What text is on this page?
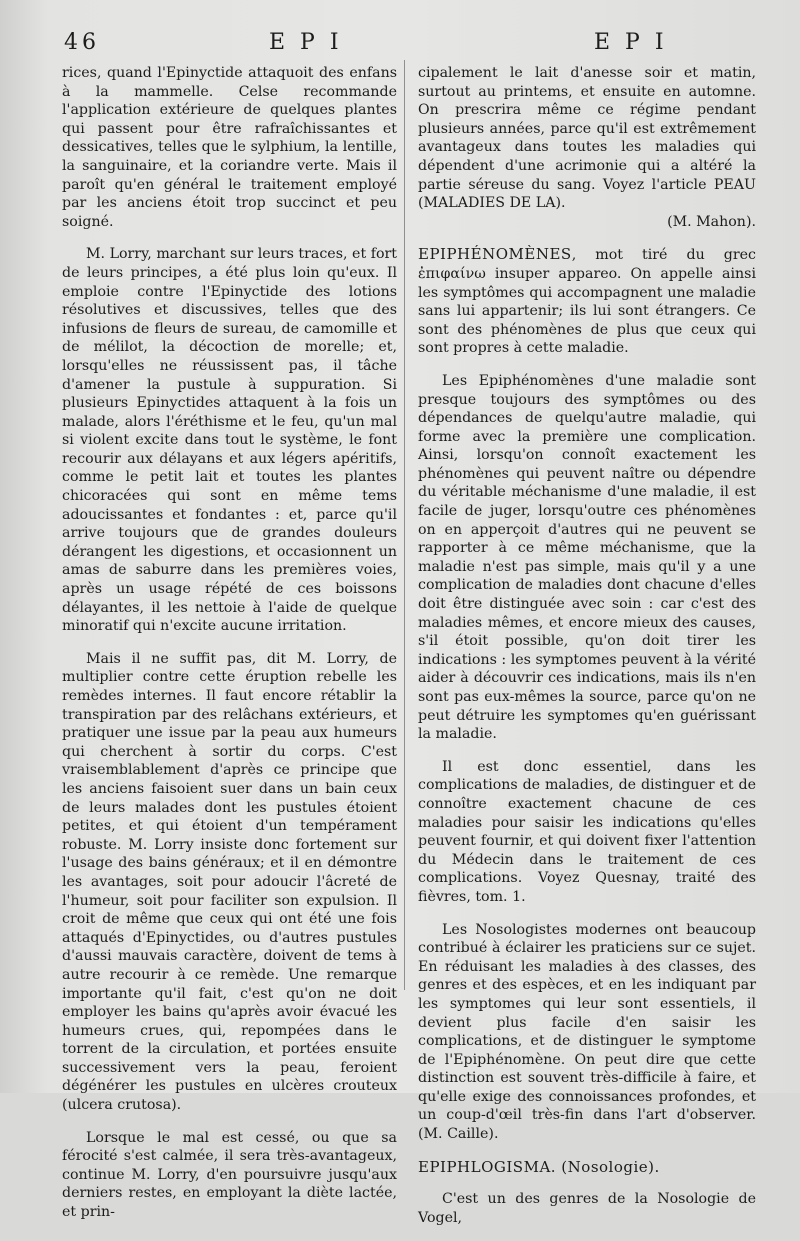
46	E P I	E P I

rices, quand l'Epinyctide attaquoit des enfans à la mammelle. Celse recommande l'application extérieure de quelques plantes qui passent pour être rafraîchissantes et dessicatives, telles que le sylphium, la lentille, la sanguinaire, et la coriandre verte. Mais il paroît qu'en général le traitement employé par les anciens étoit trop succinct et peu soigné.

M. Lorry, marchant sur leurs traces, et fort de leurs principes, a été plus loin qu'eux. Il emploie contre l'Epinyctide des lotions résolutives et discussives, telles que des infusions de fleurs de sureau, de camomille et de mélilot, la décoction de morelle; et, lorsqu'elles ne réussissent pas, il tâche d'amener la pustule à suppuration. Si plusieurs Epinyctides attaquent à la fois un malade, alors l'éréthisme et le feu, qu'un mal si violent excite dans tout le système, le font recourir aux délayans et aux légers apéritifs, comme le petit lait et toutes les plantes chicoracées qui sont en même tems adoucissantes et fondantes : et, parce qu'il arrive toujours que de grandes douleurs dérangent les digestions, et occasionnent un amas de saburre dans les premières voies, après un usage répété de ces boissons délayantes, il les nettoie à l'aide de quelque minoratif qui n'excite aucune irritation.

Mais il ne suffit pas, dit M. Lorry, de multiplier contre cette éruption rebelle les remèdes internes. Il faut encore rétablir la transpiration par des relâchans extérieurs, et pratiquer une issue par la peau aux humeurs qui cherchent à sortir du corps. C'est vraisemblablement d'après ce principe que les anciens faisoient suer dans un bain ceux de leurs malades dont les pustules étoient petites, et qui étoient d'un tempérament robuste. M. Lorry insiste donc fortement sur l'usage des bains généraux; et il en démontre les avantages, soit pour adoucir l'âcreté de l'humeur, soit pour faciliter son expulsion. Il croit de même que ceux qui ont été une fois attaqués d'Epinyctides, ou d'autres pustules d'aussi mauvais caractère, doivent de tems à autre recourir à ce remède. Une remarque importante qu'il fait, c'est qu'on ne doit employer les bains qu'après avoir évacué les humeurs crues, qui, repompées dans le torrent de la circulation, et portées ensuite successivement vers la peau, feroient dégénérer les pustules en ulcères crouteux (ulcera crutosa).

Lorsque le mal est cessé, ou que sa férocité s'est calmée, il sera très-avantageux, continue M. Lorry, d'en poursuivre jusqu'aux derniers restes, en employant la diète lactée, et prin-

cipalement le lait d'anesse soir et matin, surtout au printems, et ensuite en automne. On prescrira même ce régime pendant plusieurs années, parce qu'il est extrêmement avantageux dans toutes les maladies qui dépendent d'une acrimonie qui a altéré la partie séreuse du sang. Voyez l'article PEAU (MALADIES DE LA).

(M. Mahon).

EPIPHÉNOMÈNES, mot tiré du grec ἐπιφαίνω insuper appareo. On appelle ainsi les symptômes qui accompagnent une maladie sans lui appartenir; ils lui sont étrangers. Ce sont des phénomènes de plus que ceux qui sont propres à cette maladie.

Les Epiphénomènes d'une maladie sont presque toujours des symptômes ou des dépendances de quelqu'autre maladie, qui forme avec la première une complication. Ainsi, lorsqu'on connoît exactement les phénomènes qui peuvent naître ou dépendre du véritable méchanisme d'une maladie, il est facile de juger, lorsqu'outre ces phénomènes on en apperçoit d'autres qui ne peuvent se rapporter à ce même méchanisme, que la maladie n'est pas simple, mais qu'il y a une complication de maladies dont chacune d'elles doit être distinguée avec soin : car c'est des maladies mêmes, et encore mieux des causes, s'il étoit possible, qu'on doit tirer les indications : les symptomes peuvent à la vérité aider à découvrir ces indications, mais ils n'en sont pas eux-mêmes la source, parce qu'on ne peut détruire les symptomes qu'en guérissant la maladie.

Il est donc essentiel, dans les complications de maladies, de distinguer et de connoître exactement chacune de ces maladies pour saisir les indications qu'elles peuvent fournir, et qui doivent fixer l'attention du Médecin dans le traitement de ces complications. Voyez Quesnay, traité des fièvres, tom. 1.

Les Nosologistes modernes ont beaucoup contribué à éclairer les praticiens sur ce sujet. En réduisant les maladies à des classes, des genres et des espèces, et en les indiquant par les symptomes qui leur sont essentiels, il devient plus facile d'en saisir les complications, et de distinguer le symptome de l'Epiphénomène. On peut dire que cette distinction est souvent très-difficile à faire, et qu'elle exige des connoissances profondes, et un coup-d'œil très-fin dans l'art d'observer. (M. Caille).

EPIPHLOGISMA. (Nosologie).

C'est un des genres de la Nosologie de Vogel,
